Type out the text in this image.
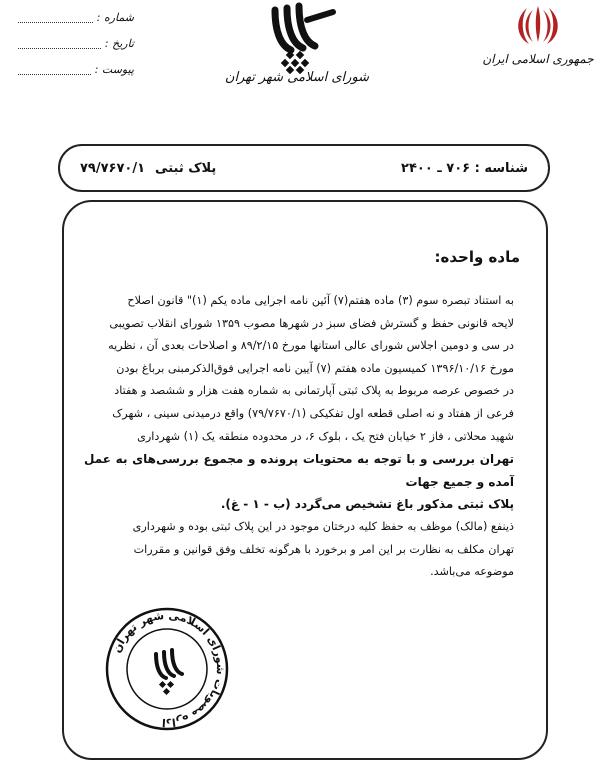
شماره :
تاریخ :
پیوست :
شورای اسلامی شهر تهران
جمهوری اسلامی ایران
شناسه : ۷۰۶ ـ ۲۴۰۰
پلاک ثبتی
۷۹/۷۶۷۰/۱
ماده واحده:

به استناد تبصره سوم (۳) ماده هفتم(۷) آئین نامه اجرایی ماده یکم (۱)" قانون اصلاح

لایحه قانونی حفظ و گسترش فضای سبز در شهرها مصوب ۱۳۵۹ شورای انقلاب تصویبی

در سی و دومین اجلاس شورای عالی استانها مورخ ۸۹/۲/۱۵ و اصلاحات بعدی آن ، نظریه

مورخ ۱۳۹۶/۱۰/۱۶ کمیسیون ماده هفتم (۷) آیین نامه اجرایی فوق‌الذکرمبنی برباغ بودن

در خصوص عرصه مربوط به پلاک ثبتی آپارتمانی به شماره هفت هزار و ششصد و هفتاد

فرعی از هفتاد و نه اصلی قطعه اول تفکیکی (۷۹/۷۶۷۰/۱) واقع درمیدنی سینی ، شهرک

شهید محلاتی ، فاز ۲ خیابان فتح یک ، بلوک ۶، در محدوده منطقه یک (۱) شهرداری

تهران بررسی و با توجه به محتویات پرونده و مجموع بررسی‌های به عمل آمده و جمیع جهات

پلاک ثبتی مذکور باغ تشخیص می‌گردد (ب - ۱ - غ).

ذینفع (مالک) موظف به حفظ کلیه درختان موجود در این پلاک ثبتی بوده و شهرداری

تهران مکلف به نظارت بر این امر و برخورد با هرگونه تخلف وفق قوانین و مقررات

موضوعه می‌باشد.

اداره مصوبات شورای اسلامی شهر تهران
